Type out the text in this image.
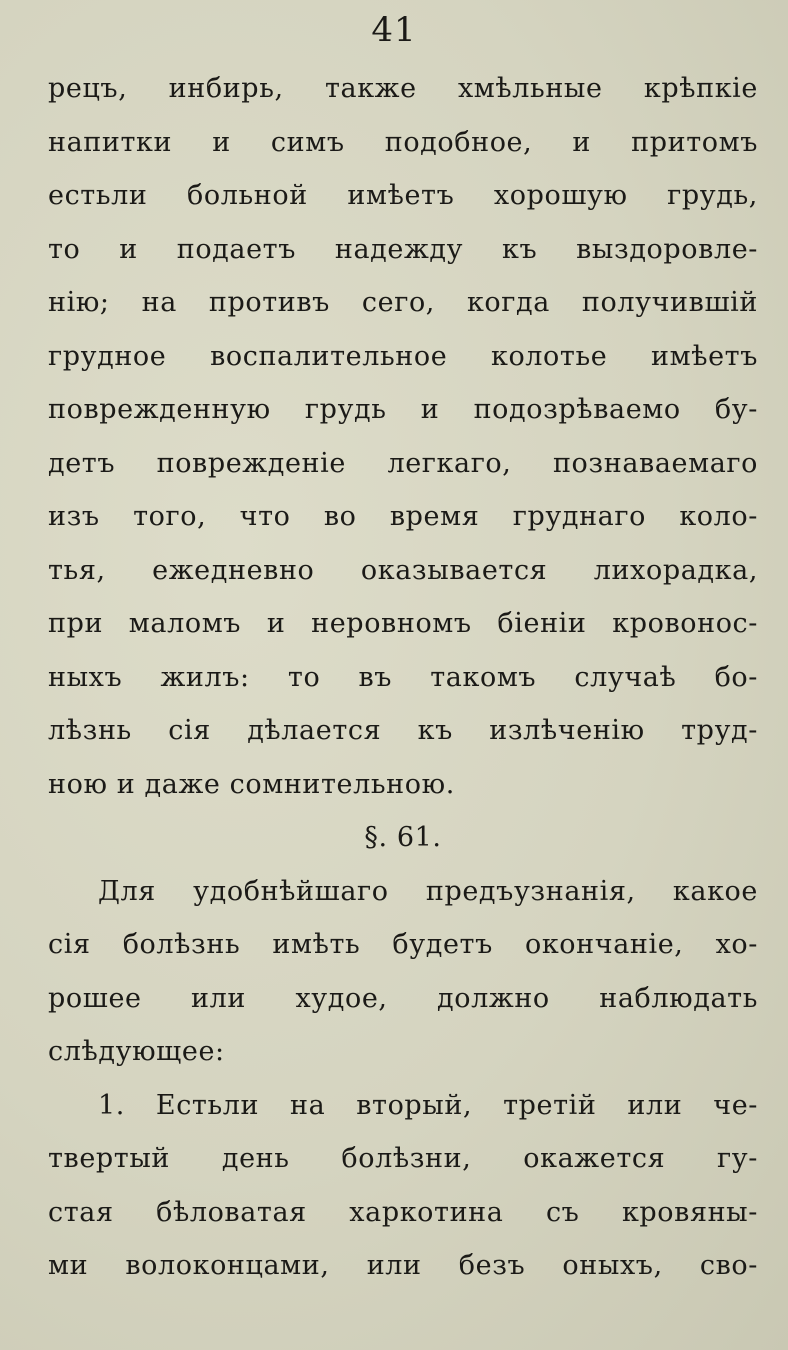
41
рецъ, инбирь, также хмѣльные крѣпкіе
напитки и симъ подобное, и притомъ
естьли больной имѣетъ хорошую грудь,
то и подаетъ надежду къ выздоровле-
нію; на противъ сего, когда получившій
грудное воспалительное колотье имѣетъ
поврежденную грудь и подозрѣваемо бу-
детъ поврежденіе легкаго, познаваемаго
изъ того, что во время груднаго коло-
тья, ежедневно оказывается лихорадка,
при маломъ и неровномъ біеніи кровонос-
ныхъ жилъ: то въ такомъ случаѣ бо-
лѣзнь сія дѣлается къ излѣченію труд-
ною и даже сомнительною.
§. 61.
Для удобнѣйшаго предъузнанія, какое
сія болѣзнь имѣть будетъ окончаніе, хо-
рошее или худое, должно наблюдать
слѣдующее:
1. Естьли на вторый, третій или че-
твертый день болѣзни, окажется гу-
стая бѣловатая харкотина съ кровяны-
ми волоконцами, или безъ оныхъ, сво-
